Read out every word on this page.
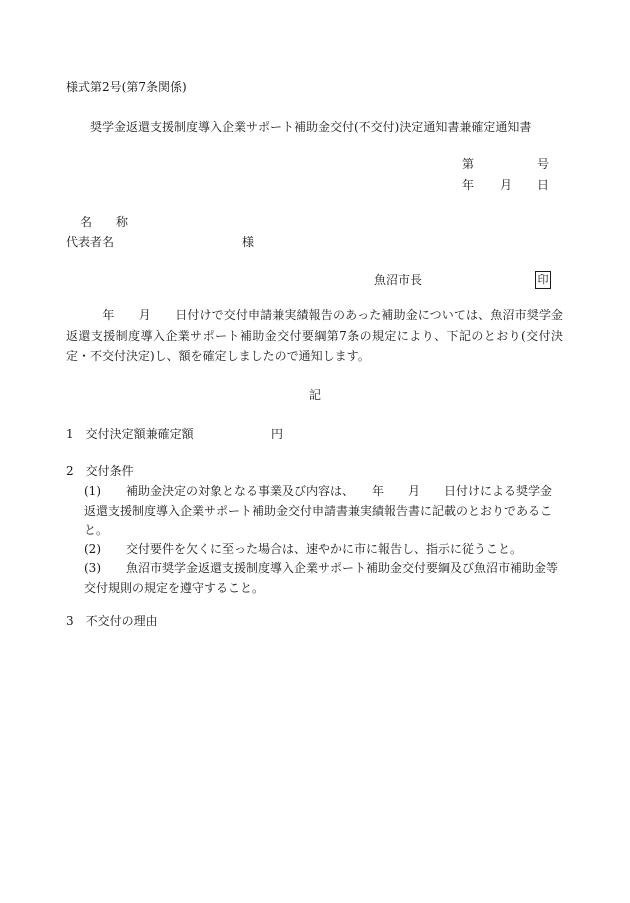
様式第2号(第7条関係)
奨学金返還支援制度導入企業サポート補助金交付(不交付)決定通知書兼確定通知書
第	号
年 月 日
名　　称
代表者名	様
魚沼市長	印
　　　年　　月　　日付けで交付申請兼実績報告のあった補助金については、魚沼市奨学金返還支援制度導入企業サポート補助金交付要綱第7条の規定により、下記のとおり(交付決定・不交付決定)し、額を確定しましたので通知します。
記
1　交付決定額兼確定額	円
2　交付条件
(1) 補助金決定の対象となる事業及び内容は、　　年　　月　　日付けによる奨学金返還支援制度導入企業サポート補助金交付申請書兼実績報告書に記載のとおりであること。
(2) 交付要件を欠くに至った場合は、速やかに市に報告し、指示に従うこと。
(3) 魚沼市奨学金返還支援制度導入企業サポート補助金交付要綱及び魚沼市補助金等交付規則の規定を遵守すること。
3　不交付の理由
